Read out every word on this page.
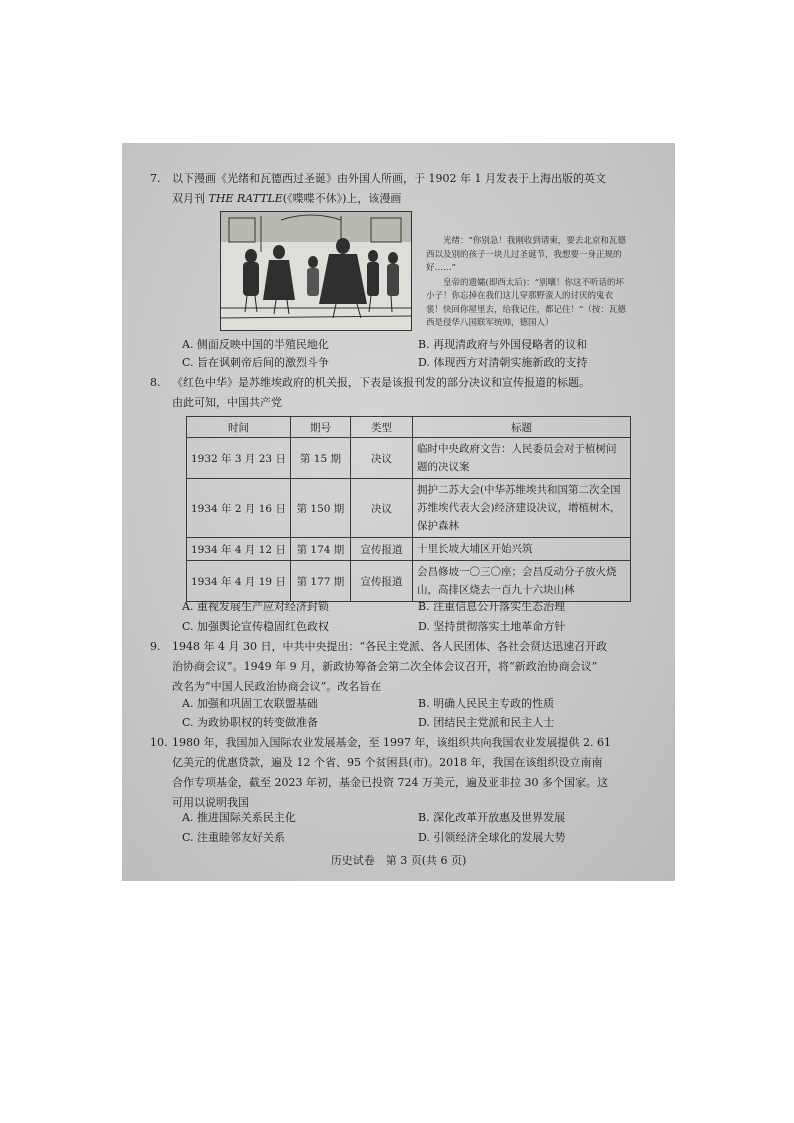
7. 以下漫画《光绪和瓦德西过圣诞》由外国人所画，于 1902 年 1 月发表于上海出版的英文

双月刊 THE RATTLE(《喋喋不休》)上，该漫画

光绪：“你别急！我刚收到请柬，要去北京和瓦德西以及别的孩子一块儿过圣诞节，我想要一身正规的好……”

皇帝的遗孀(即西太后)：“别嚷！你这不听话的坏小子！你忘掉在我们这儿穿那野蛮人的讨厌的鬼衣裳！快回你屋里去，给我记住，都记住！”（按：瓦德西是侵华八国联军统帅，德国人）

A. 侧面反映中国的半殖民地化	B. 再现清政府与外国侵略者的议和
C. 旨在讽刺帝后间的激烈斗争	D. 体现西方对清朝实施新政的支持
8. 《红色中华》是苏维埃政府的机关报，下表是该报刊发的部分决议和宣传报道的标题。

由此可知，中国共产党

时间	期号	类型	标题
1932 年 3 月 23 日	第 15 期	决议	临时中央政府文告：人民委员会对于植树问题的决议案
1934 年 2 月 16 日	第 150 期	决议	拥护二苏大会(中华苏维埃共和国第二次全国苏维埃代表大会)经济建设决议，增植树木，保护森林
1934 年 4 月 12 日	第 174 期	宣传报道	十里长坡大埔区开始兴筑
1934 年 4 月 19 日	第 177 期	宣传报道	会昌修坡一〇三〇座；会昌反动分子放火烧山，高排区烧去一百九十六块山林
A. 重视发展生产应对经济封锁	B. 注重信息公开落实生态治理
C. 加强舆论宣传稳固红色政权	D. 坚持贯彻落实土地革命方针
9. 1948 年 4 月 30 日，中共中央提出：“各民主党派、各人民团体、各社会贤达迅速召开政

治协商会议”。1949 年 9 月，新政协筹备会第二次全体会议召开，将“新政治协商会议”

改名为“中国人民政治协商会议”。改名旨在

A. 加强和巩固工农联盟基础	B. 明确人民民主专政的性质
C. 为政协职权的转变做准备	D. 团结民主党派和民主人士
10. 1980 年，我国加入国际农业发展基金，至 1997 年，该组织共向我国农业发展提供 2. 61

亿美元的优惠贷款，遍及 12 个省、95 个贫困县(市)。2018 年，我国在该组织设立南南

合作专项基金，截至 2023 年初，基金已投资 724 万美元，遍及亚非拉 30 多个国家。这

可用以说明我国

A. 推进国际关系民主化	B. 深化改革开放惠及世界发展
C. 注重睦邻友好关系	D. 引领经济全球化的发展大势
历史试卷　第 3 页(共 6 页)
